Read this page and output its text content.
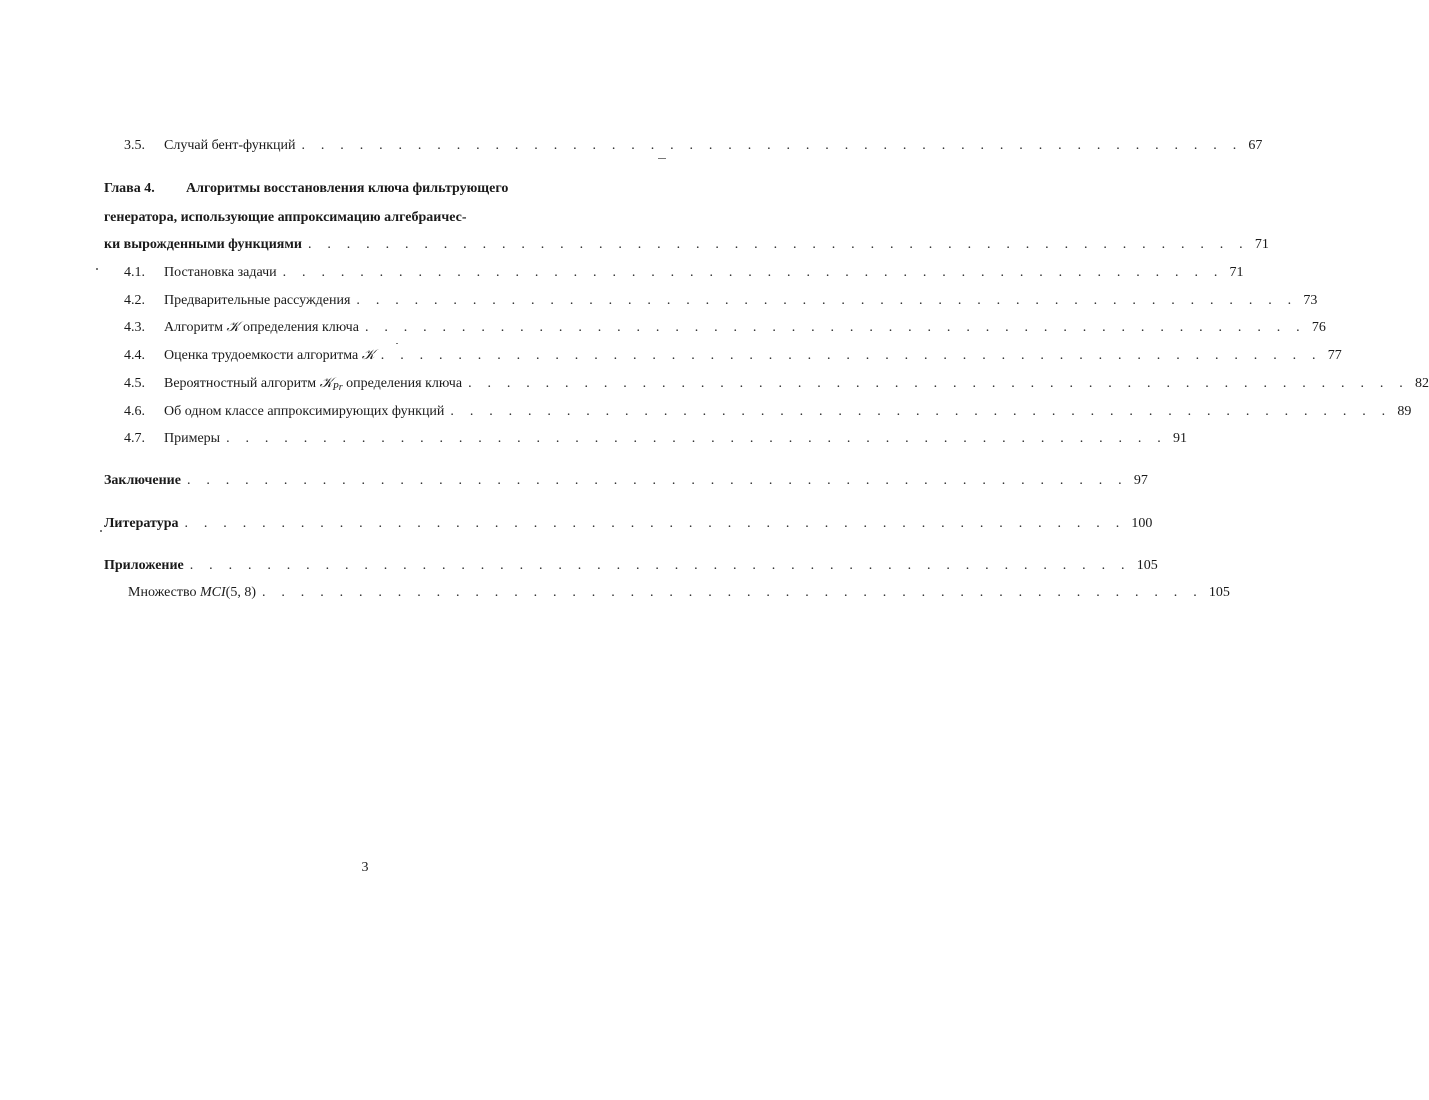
3.5.	Случай бент-функций . . . . . . . . . . . . . . . . . . . . . . . . . . . . . . . . . . . . . . . . . . . . . . . . . 67
Глава 4. Алгоритмы восстановления ключа фильтрующего
генератора, использующие аппроксимацию алгебраичес-
ки вырожденными функциями . . . . . . . . . . . . . . . . . . . . . . . . . . . . . . . . . . . . . . . . . . . . . . . . . 71
4.1.	Постановка задачи . . . . . . . . . . . . . . . . . . . . . . . . . . . . . . . . . . . . . . . . . . . . . . . . . 71
4.2.	Предварительные рассуждения . . . . . . . . . . . . . . . . . . . . . . . . . . . . . . . . . . . . . . . . . . . . . . . . . 73
4.3.	Алгоритм 𝒦 определения ключа . . . . . . . . . . . . . . . . . . . . . . . . . . . . . . . . . . . . . . . . . . . . . . . . . 76
4.4.	Оценка трудоемкости алгоритма 𝒦 . . . . . . . . . . . . . . . . . . . . . . . . . . . . . . . . . . . . . . . . . . . . . . . . . 77
4.5.	Вероятностный алгоритм 𝒦$_{Pr}$ определения ключа . . . . . . . . . . . . . . . . . . . . . . . . . . . . . . . . . . . . . . . . . . . . . . . . . 82
4.6.	Об одном классе аппроксимирующих функций . . . . . . . . . . . . . . . . . . . . . . . . . . . . . . . . . . . . . . . . . . . . . . . . . 89
4.7.	Примеры . . . . . . . . . . . . . . . . . . . . . . . . . . . . . . . . . . . . . . . . . . . . . . . . . 91
Заключение . . . . . . . . . . . . . . . . . . . . . . . . . . . . . . . . . . . . . . . . . . . . . . . . . 97
Литература . . . . . . . . . . . . . . . . . . . . . . . . . . . . . . . . . . . . . . . . . . . . . . . . . 100
Приложение . . . . . . . . . . . . . . . . . . . . . . . . . . . . . . . . . . . . . . . . . . . . . . . . . 105
Множество MCI(5, 8) . . . . . . . . . . . . . . . . . . . . . . . . . . . . . . . . . . . . . . . . . . . . . . . . . 105
3
